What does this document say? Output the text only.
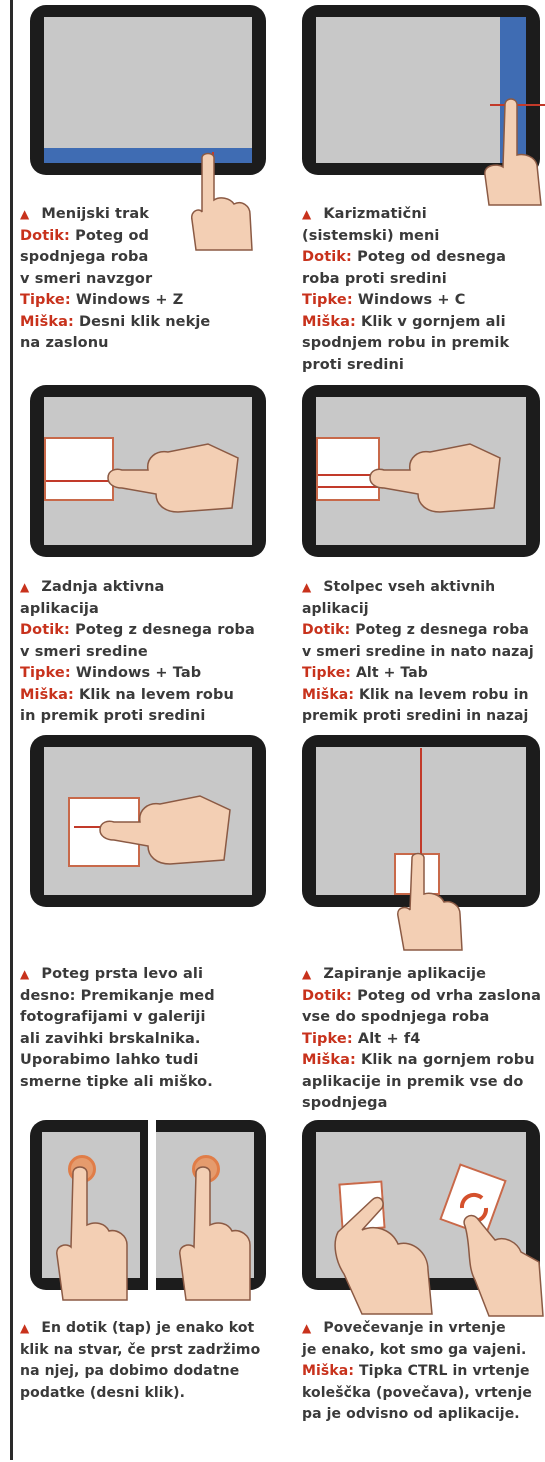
▲ Menijski trak
Dotik: Poteg od
spodnjega roba
v smeri navzgor
Tipke: Windows + Z
Miška: Desni klik nekje
na zaslonu
▲ Karizmatični
(sistemski) meni
Dotik: Poteg od desnega
roba proti sredini
Tipke: Windows + C
Miška: Klik v gornjem ali
spodnjem robu in premik
proti sredini
▲ Zadnja aktivna
aplikacija
Dotik: Poteg z desnega roba
v smeri sredine
Tipke: Windows + Tab
Miška: Klik na levem robu
in premik proti sredini
▲ Stolpec vseh aktivnih
aplikacij
Dotik: Poteg z desnega roba
v smeri sredine in nato nazaj
Tipke: Alt + Tab
Miška: Klik na levem robu in
premik proti sredini in nazaj
▲ Poteg prsta levo ali
desno: Premikanje med
fotografijami v galeriji
ali zavihki brskalnika.
Uporabimo lahko tudi
smerne tipke ali miško.
▲ Zapiranje aplikacije
Dotik: Poteg od vrha zaslona
vse do spodnjega roba
Tipke: Alt + f4
Miška: Klik na gornjem robu
aplikacije in premik vse do
spodnjega
▲ En dotik (tap) je enako kot
klik na stvar, če prst zadržimo
na njej, pa dobimo dodatne
podatke (desni klik).
▲ Povečevanje in vrtenje
je enako, kot smo ga vajeni.
Miška: Tipka CTRL in vrtenje
koleščka (povečava), vrtenje
pa je odvisno od aplikacije.
